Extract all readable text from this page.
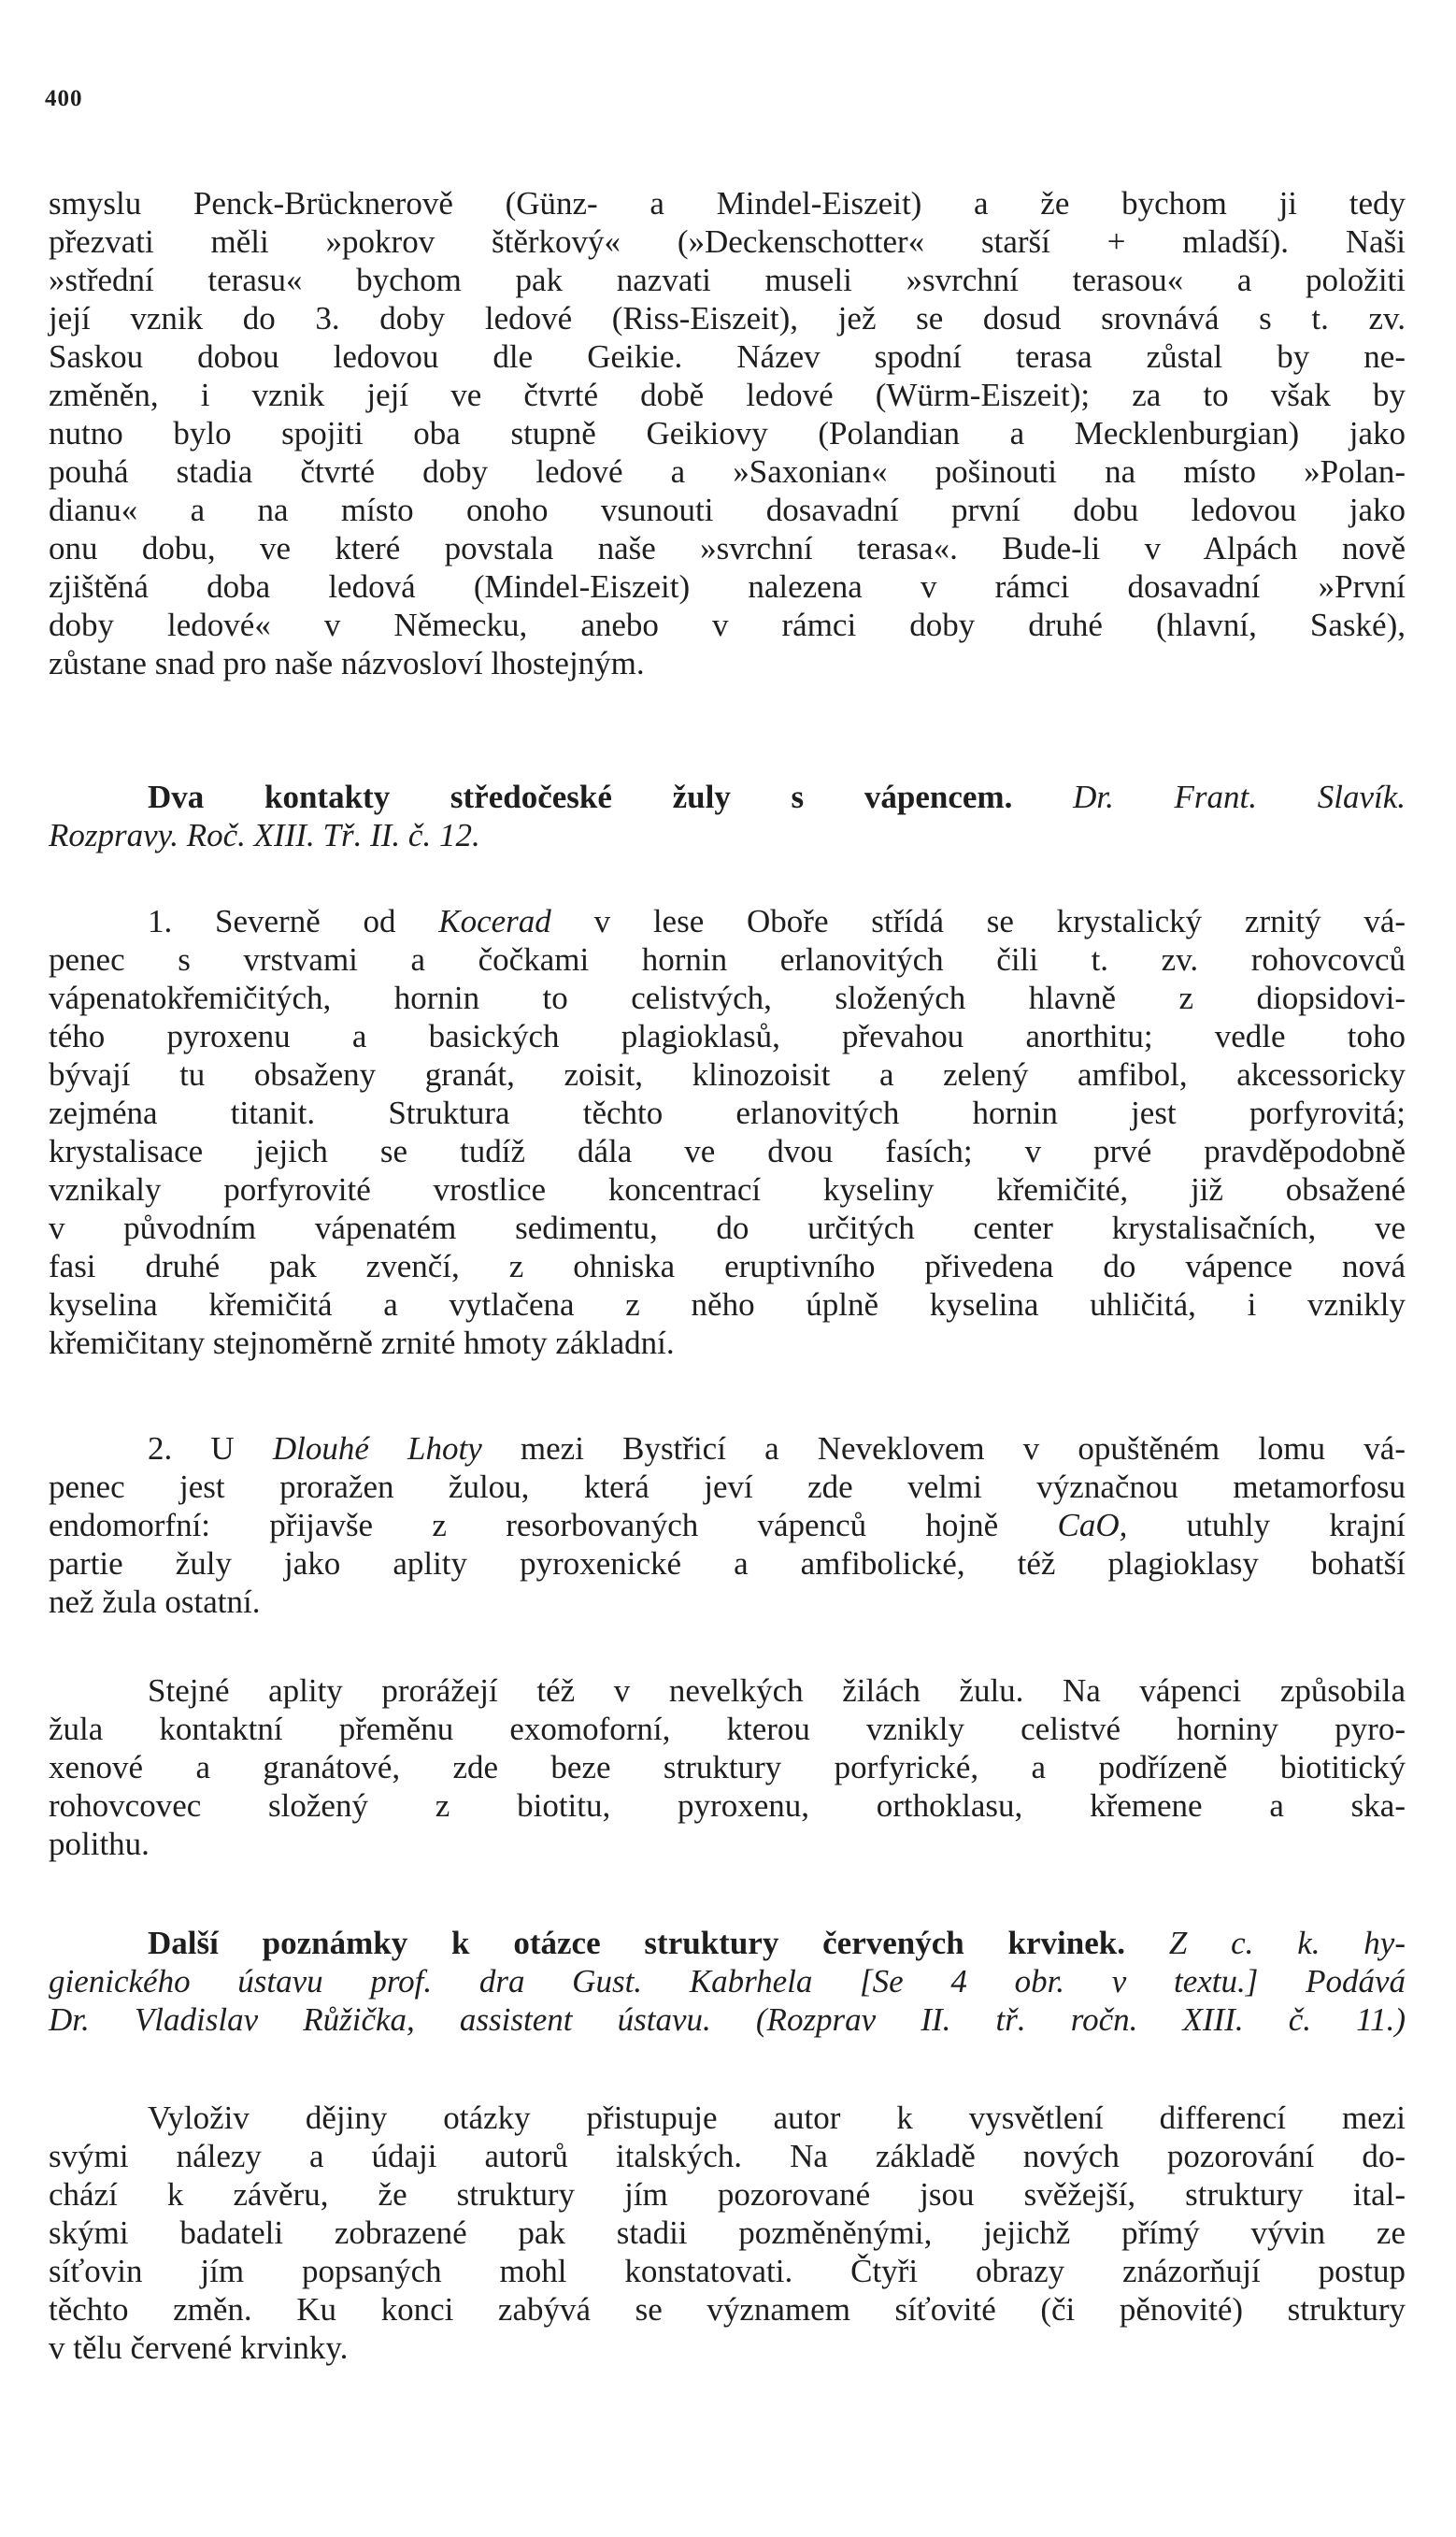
400
smyslu Penck-Brücknerově (Günz- a Mindel-Eiszeit) a že bychom ji tedy
přezvati měli »pokrov štěrkový« (»Deckenschotter« starší + mladší). Naši
»střední terasu« bychom pak nazvati museli »svrchní terasou« a položiti
její vznik do 3. doby ledové (Riss-Eiszeit), jež se dosud srovnává s t. zv.
Saskou dobou ledovou dle Geikie. Název spodní terasa zůstal by ne-
změněn, i vznik její ve čtvrté době ledové (Würm-Eiszeit); za to však by
nutno bylo spojiti oba stupně Geikiovy (Polandian a Mecklenburgian) jako
pouhá stadia čtvrté doby ledové a »Saxonian« pošinouti na místo »Polan-
dianu« a na místo onoho vsunouti dosavadní první dobu ledovou jako
onu dobu, ve které povstala naše »svrchní terasa«. Bude-li v Alpách nově
zjištěná doba ledová (Mindel-Eiszeit) nalezena v rámci dosavadní »První
doby ledové« v Německu, anebo v rámci doby druhé (hlavní, Saské),
zůstane snad pro naše názvosloví lhostejným.
Dva kontakty středočeské žuly s vápencem. Dr. Frant. Slavík.
Rozpravy. Roč. XIII. Tř. II. č. 12.
1. Severně od Kocerad v lese Oboře střídá se krystalický zrnitý vá-
penec s vrstvami a čočkami hornin erlanovitých čili t. zv. rohovcovců
vápenatokřemičitých, hornin to celistvých, složených hlavně z diopsidovi-
tého pyroxenu a basických plagioklasů, převahou anorthitu; vedle toho
bývají tu obsaženy granát, zoisit, klinozoisit a zelený amfibol, akcessoricky
zejména titanit. Struktura těchto erlanovitých hornin jest porfyrovitá;
krystalisace jejich se tudíž dála ve dvou fasích; v prvé pravděpodobně
vznikaly porfyrovité vrostlice koncentrací kyseliny křemičité, již obsažené
v původním vápenatém sedimentu, do určitých center krystalisačních, ve
fasi druhé pak zvenčí, z ohniska eruptivního přivedena do vápence nová
kyselina křemičitá a vytlačena z něho úplně kyselina uhličitá, i vznikly
křemičitany stejnoměrně zrnité hmoty základní.
2. U Dlouhé Lhoty mezi Bystřicí a Neveklovem v opuštěném lomu vá-
penec jest proražen žulou, která jeví zde velmi význačnou metamorfosu
endomorfní: přijavše z resorbovaných vápenců hojně CaO, utuhly krajní
partie žuly jako aplity pyroxenické a amfibolické, též plagioklasy bohatší
než žula ostatní.
Stejné aplity prorážejí též v nevelkých žilách žulu. Na vápenci způsobila
žula kontaktní přeměnu exomoforní, kterou vznikly celistvé horniny pyro-
xenové a granátové, zde beze struktury porfyrické, a podřízeně biotitický
rohovcovec složený z biotitu, pyroxenu, orthoklasu, křemene a ska-
polithu.
Další poznámky k otázce struktury červených krvinek. Z c. k. hy-
gienického ústavu prof. dra Gust. Kabrhela [Se 4 obr. v textu.] Podává
Dr. Vladislav Růžička, assistent ústavu. (Rozprav II. tř. ročn. XIII. č. 11.)
Vyloživ dějiny otázky přistupuje autor k vysvětlení differencí mezi
svými nálezy a údaji autorů italských. Na základě nových pozorování do-
chází k závěru, že struktury jím pozorované jsou svěžejší, struktury ital-
skými badateli zobrazené pak stadii pozměněnými, jejichž přímý vývin ze
síťovin jím popsaných mohl konstatovati. Čtyři obrazy znázorňují postup
těchto změn. Ku konci zabývá se významem síťovité (či pěnovité) struktury
v tělu červené krvinky.
